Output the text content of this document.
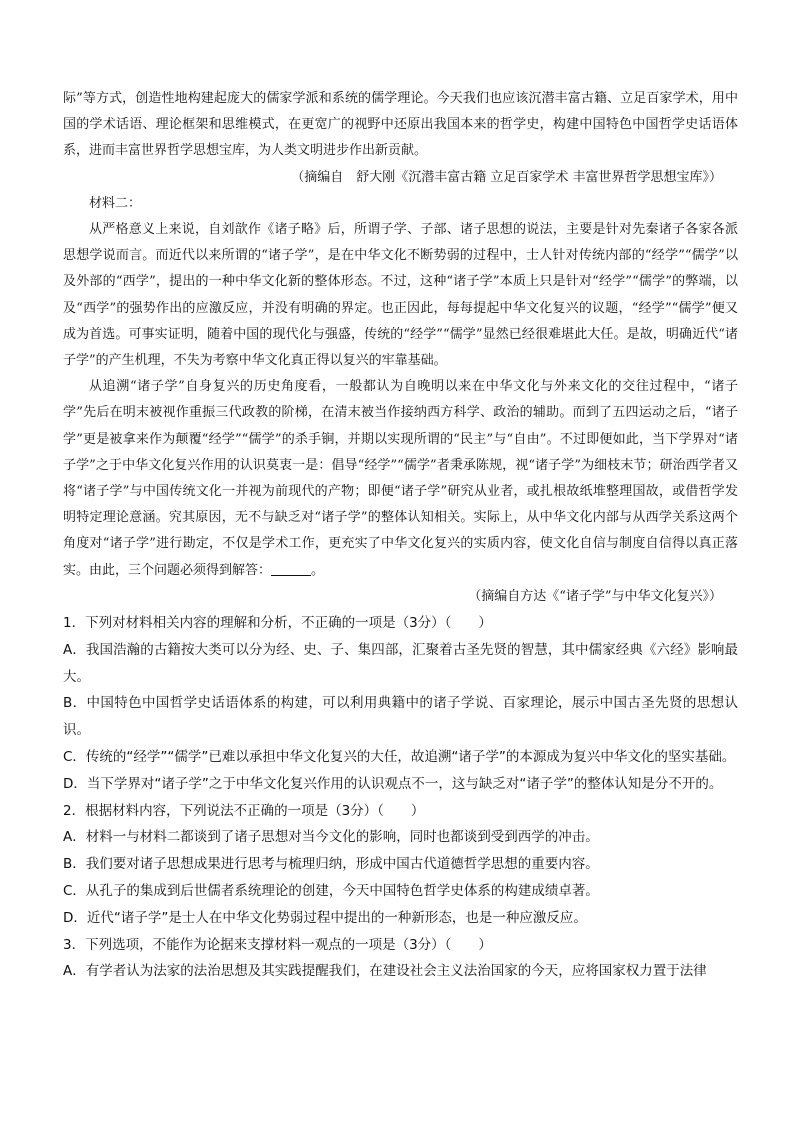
际”等方式，创造性地构建起庞大的儒家学派和系统的儒学理论。今天我们也应该沉潜丰富古籍、立足百家学术，用中国的学术话语、理论框架和思维模式，在更宽广的视野中还原出我国本来的哲学史，构建中国特色中国哲学史话语体系，进而丰富世界哲学思想宝库，为人类文明进步作出新贡献。

（摘编自　舒大刚《沉潜丰富古籍 立足百家学术 丰富世界哲学思想宝库》）

材料二：

从严格意义上来说，自刘歆作《诸子略》后，所谓子学、子部、诸子思想的说法，主要是针对先秦诸子各家各派思想学说而言。而近代以来所谓的“诸子学”，是在中华文化不断势弱的过程中，士人针对传统内部的“经学”“儒学”以及外部的“西学”，提出的一种中华文化新的整体形态。不过，这种“诸子学”本质上只是针对“经学”“儒学”的弊端，以及“西学”的强势作出的应激反应，并没有明确的界定。也正因此，每每提起中华文化复兴的议题，“经学”“儒学”便又成为首选。可事实证明，随着中国的现代化与强盛，传统的“经学”“儒学”显然已经很难堪此大任。是故，明确近代“诸子学”的产生机理，不失为考察中华文化真正得以复兴的牢靠基础。

从追溯“诸子学”自身复兴的历史角度看，一般都认为自晚明以来在中华文化与外来文化的交往过程中，“诸子学”先后在明末被视作重振三代政教的阶梯，在清末被当作接纳西方科学、政治的辅助。而到了五四运动之后，“诸子学”更是被拿来作为颠覆“经学”“儒学”的杀手锏，并期以实现所谓的“民主”与“自由”。不过即便如此，当下学界对“诸子学”之于中华文化复兴作用的认识莫衷一是：倡导“经学”“儒学”者秉承陈规，视“诸子学”为细枝末节；研治西学者又将“诸子学”与中国传统文化一并视为前现代的产物；即便“诸子学”研究从业者，或扎根故纸堆整理国故，或借哲学发明特定理论意涵。究其原因，无不与缺乏对“诸子学”的整体认知相关。实际上，从中华文化内部与从西学关系这两个角度对“诸子学”进行勘定，不仅是学术工作，更充实了中华文化复兴的实质内容，使文化自信与制度自信得以真正落实。由此，三个问题必须得到解答：	。

（摘编自方达《“诸子学”与中华文化复兴》）

1．下列对材料相关内容的理解和分析，不正确的一项是（3分）（　　）

A．我国浩瀚的古籍按大类可以分为经、史、子、集四部，汇聚着古圣先贤的智慧，其中儒家经典《六经》影响最大。

B．中国特色中国哲学史话语体系的构建，可以利用典籍中的诸子学说、百家理论，展示中国古圣先贤的思想认识。

C．传统的“经学”“儒学”已难以承担中华文化复兴的大任，故追溯“诸子学”的本源成为复兴中华文化的坚实基础。

D．当下学界对“诸子学”之于中华文化复兴作用的认识观点不一，这与缺乏对“诸子学”的整体认知是分不开的。

2．根据材料内容，下列说法不正确的一项是（3分）（　　）

A．材料一与材料二都谈到了诸子思想对当今文化的影响，同时也都谈到受到西学的冲击。

B．我们要对诸子思想成果进行思考与梳理归纳，形成中国古代道德哲学思想的重要内容。

C．从孔子的集成到后世儒者系统理论的创建，今天中国特色哲学史体系的构建成绩卓著。

D．近代“诸子学”是士人在中华文化势弱过程中提出的一种新形态，也是一种应激反应。

3．下列选项，不能作为论据来支撑材料一观点的一项是（3分）（　　）

A．有学者认为法家的法治思想及其实践提醒我们，在建设社会主义法治国家的今天，应将国家权力置于法律
